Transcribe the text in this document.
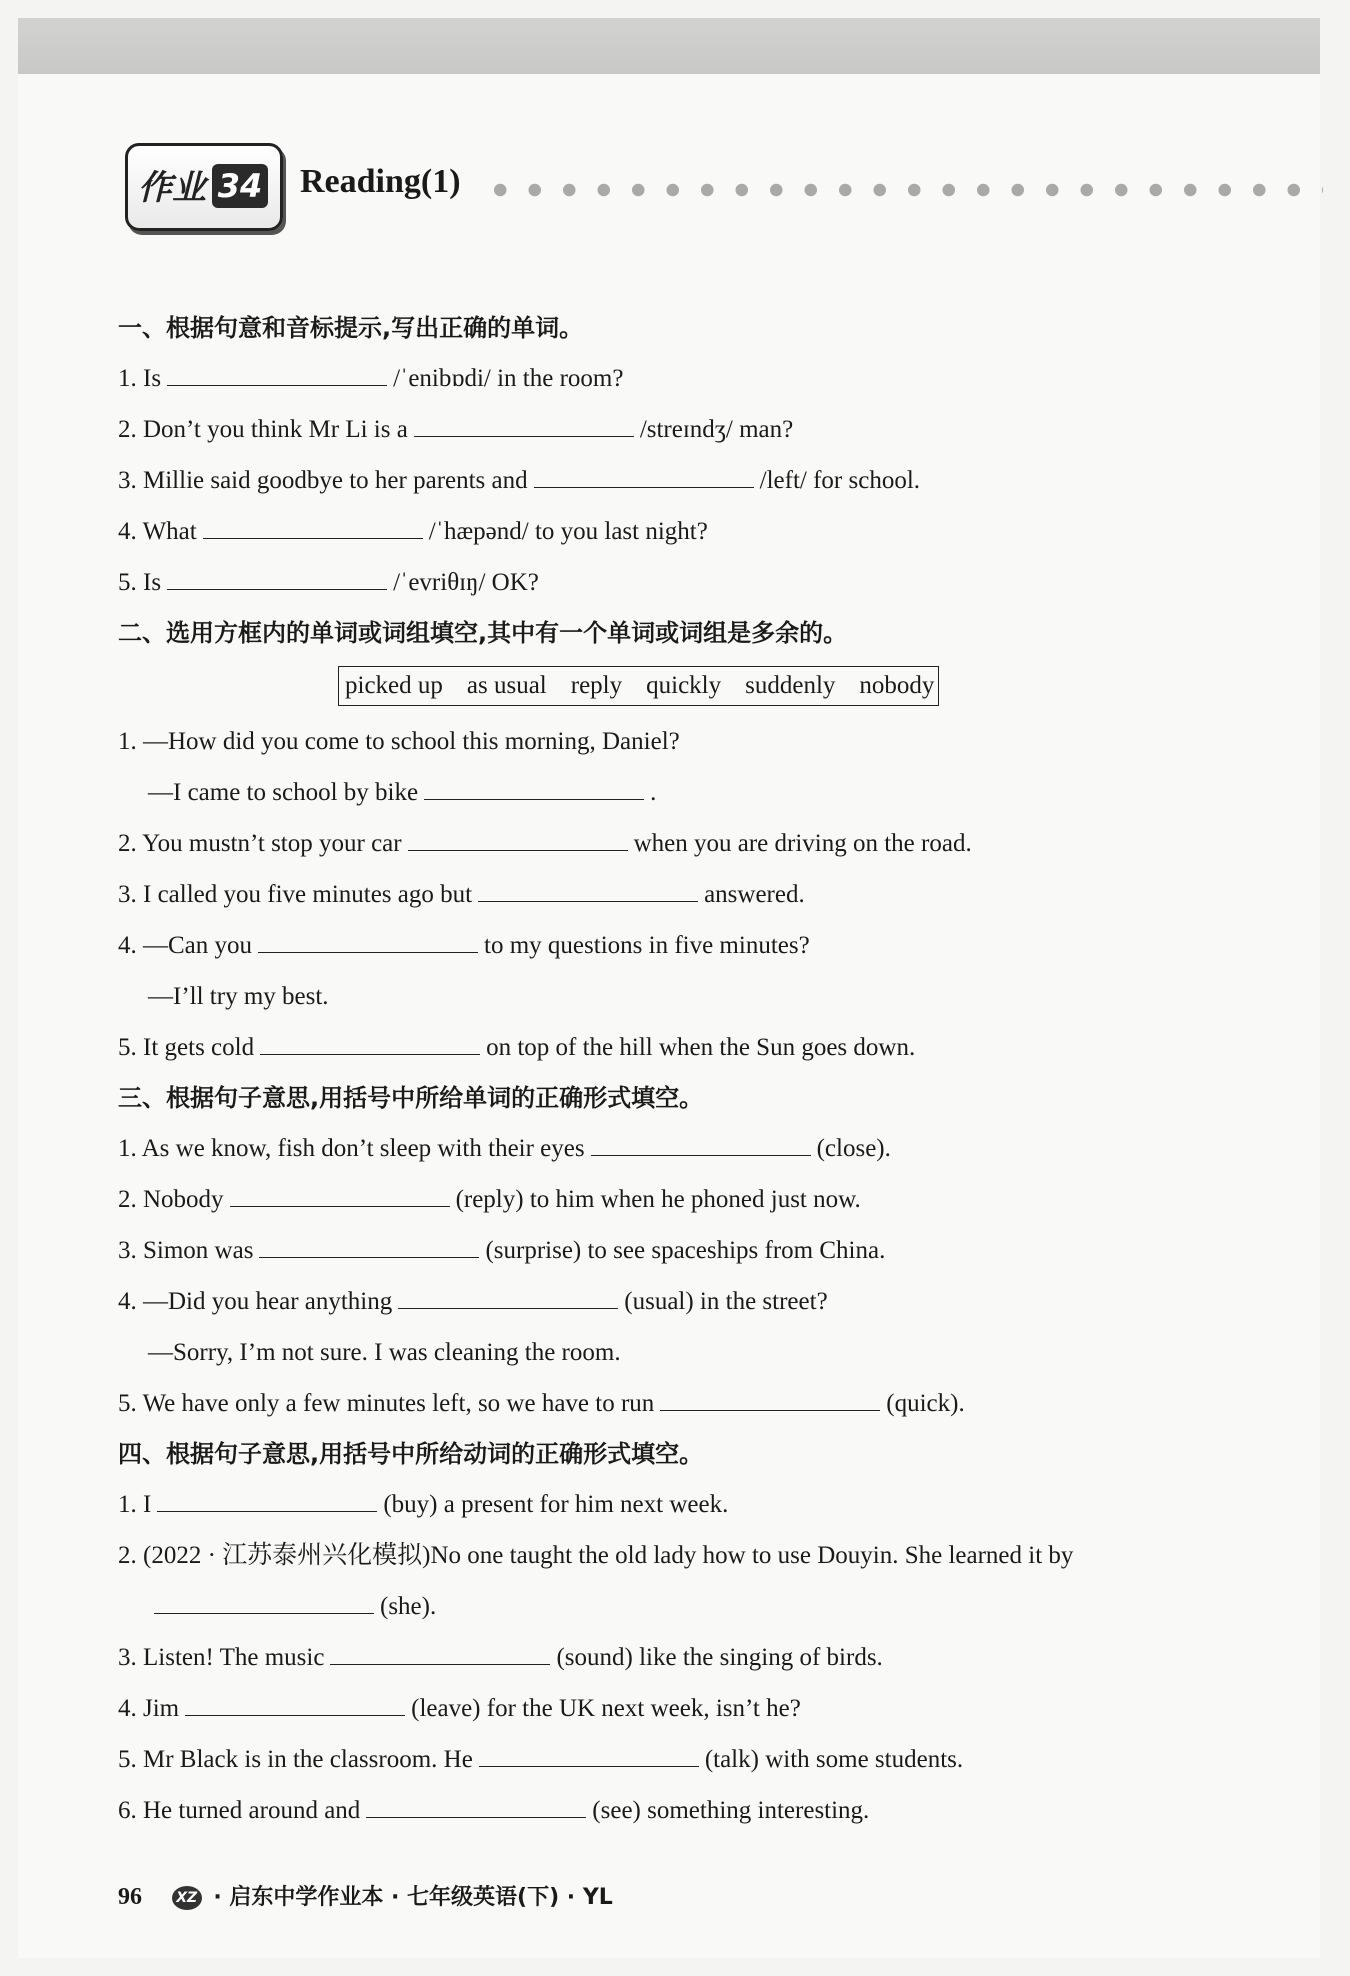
作业 34 Reading(1)
一、根据句意和音标提示,写出正确的单词。
1. Is	/ˈenibɒdi/ in the room?
2. Don’t you think Mr Li is a	/streɪndʒ/ man?
3. Millie said goodbye to her parents and	/left/ for school.
4. What	/ˈhæpənd/ to you last night?
5. Is	/ˈevriθɪŋ/ OK?
二、选用方框内的单词或词组填空,其中有一个单词或词组是多余的。
picked up as usual reply quickly suddenly nobody
1. —How did you come to school this morning, Daniel?
—I came to school by bike	.
2. You mustn’t stop your car	when you are driving on the road.
3. I called you five minutes ago but	answered.
4. —Can you	to my questions in five minutes?
—I’ll try my best.
5. It gets cold	on top of the hill when the Sun goes down.
三、根据句子意思,用括号中所给单词的正确形式填空。
1. As we know, fish don’t sleep with their eyes	(close).
2. Nobody	(reply) to him when he phoned just now.
3. Simon was	(surprise) to see spaceships from China.
4. —Did you hear anything	(usual) in the street?
—Sorry, I’m not sure. I was cleaning the room.
5. We have only a few minutes left, so we have to run	(quick).
四、根据句子意思,用括号中所给动词的正确形式填空。
1. I	(buy) a present for him next week.
2. (2022 · 江苏泰州兴化模拟)No one taught the old lady how to use Douyin. She learned it by
(she).
3. Listen! The music	(sound) like the singing of birds.
4. Jim	(leave) for the UK next week, isn’t he?
5. Mr Black is in the classroom. He	(talk) with some students.
6. He turned around and	(see) something interesting.
96 XZ · 启东中学作业本 · 七年级英语(下) · YL
